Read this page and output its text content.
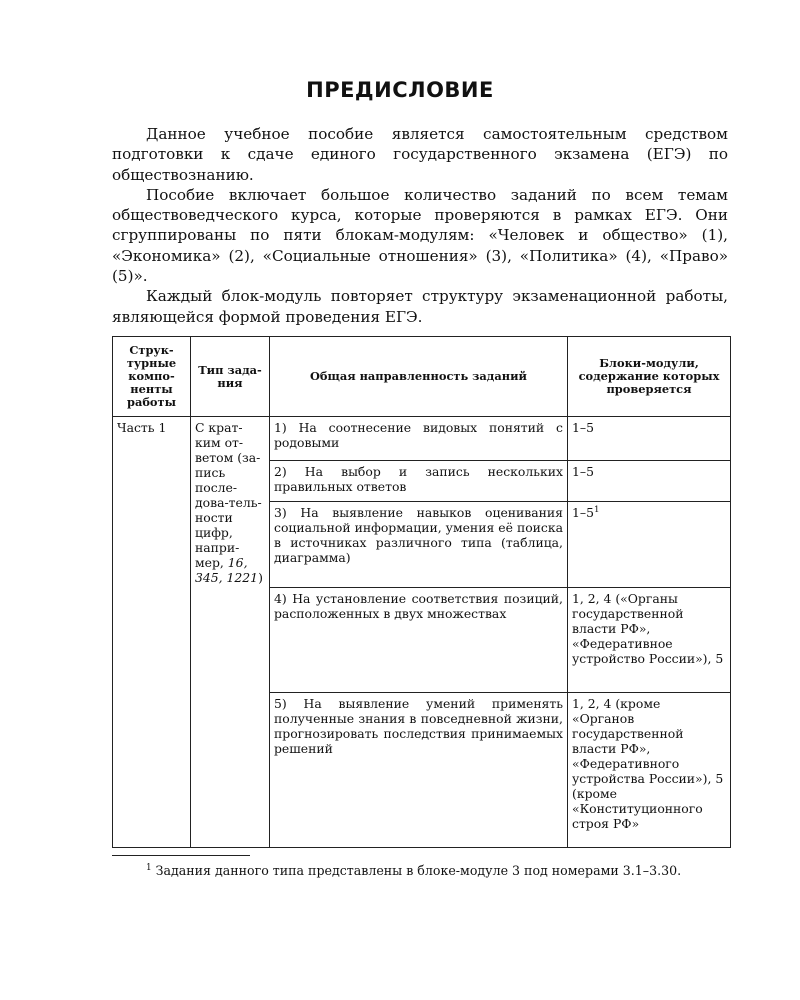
ПРЕДИСЛОВИЕ

Данное учебное пособие является самостоятельным средством подготовки к сдаче единого государственного экзамена (ЕГЭ) по обществознанию.

Пособие включает большое количество заданий по всем темам обществоведческого курса, которые проверяются в рамках ЕГЭ. Они сгруппированы по пяти блокам-модулям: «Человек и общество» (1), «Экономика» (2), «Социальные отношения» (3), «Политика» (4), «Право» (5)».

Каждый блок-модуль повторяет структуру экзаменационной работы, являющейся формой проведения ЕГЭ.

Струк-турные компо-ненты работы	Тип зада-ния	Общая направленность заданий	Блоки-модули, содержание которых проверяется
Часть 1	С крат-ким от-ветом (за-пись после-дова-тель-ности цифр, напри-мер, 16, 345, 1221)	1) На соотнесение видовых понятий с родовыми	1–5
		2) На выбор и запись нескольких правильных ответов	1–5
		3) На выявление навыков оценивания социальной информации, умения её поиска в источниках различного типа (таблица, диаграмма)	$1-5^1$
		4) На установление соответствия позиций, расположенных в двух множествах	1, 2, 4 («Органы государственной власти РФ», «Федеративное устройство России»), 5
		5) На выявление умений применять полученные знания в повседневной жизни, прогнозировать последствия принимаемых решений	1, 2, 4 (кроме «Органов государственной власти РФ», «Федеративного устройства России»), 5 (кроме «Конституционного строя РФ»
$^1$ Задания данного типа представлены в блоке-модуле 3 под номерами 3.1–3.30.
